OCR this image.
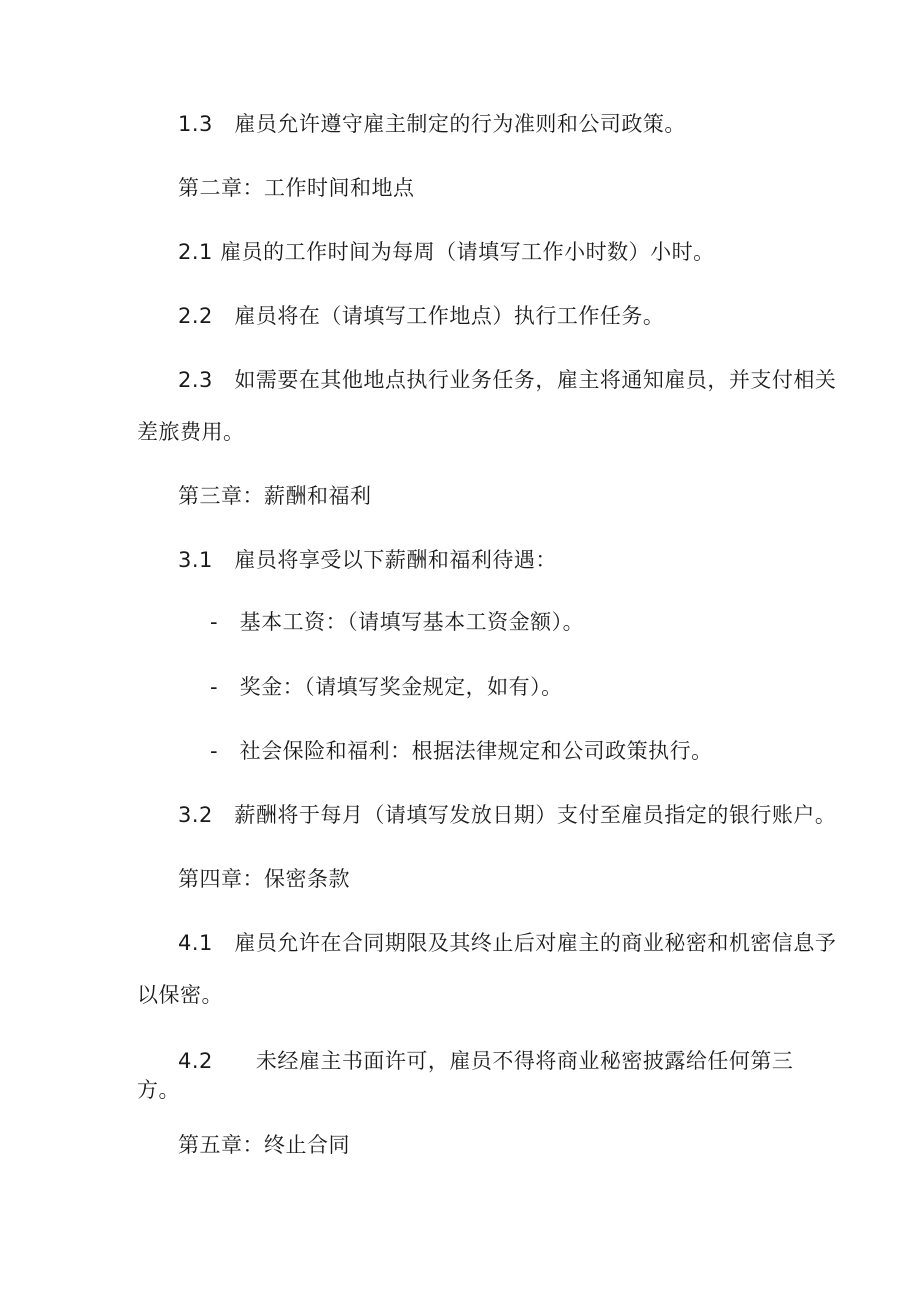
1.3　雇员允许遵守雇主制定的行为准则和公司政策。
第二章：工作时间和地点
2.1 雇员的工作时间为每周（请填写工作小时数）小时。
2.2　雇员将在（请填写工作地点）执行工作任务。
2.3　如需要在其他地点执行业务任务，雇主将通知雇员，并支付相关
差旅费用。
第三章：薪酬和福利
3.1　雇员将享受以下薪酬和福利待遇：
-　基本工资：（请填写基本工资金额）。
-　奖金：（请填写奖金规定，如有）。
-　社会保险和福利：根据法律规定和公司政策执行。
3.2　薪酬将于每月（请填写发放日期）支付至雇员指定的银行账户。
第四章：保密条款
4.1　雇员允许在合同期限及其终止后对雇主的商业秘密和机密信息予
以保密。
4.2　　未经雇主书面许可，雇员不得将商业秘密披露给任何第三
方。
第五章：终止合同
